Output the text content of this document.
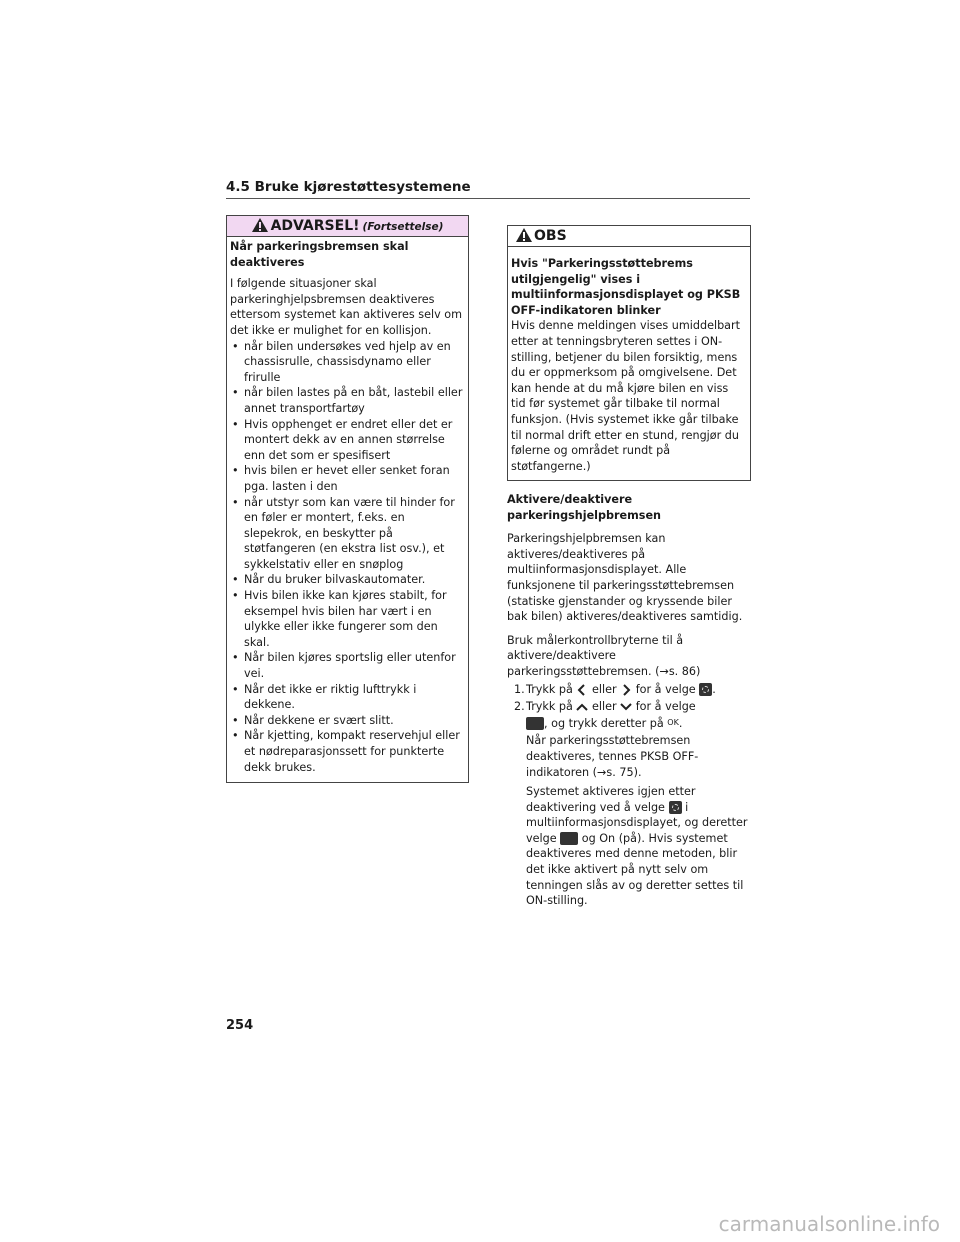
4.5 Bruke kjørestøttesystemene
ADVARSEL! (Fortsettelse)
Når parkeringsbremsen skal deaktiveres
I følgende situasjoner skal parkeringhjelpsbremsen deaktiveres ettersom systemet kan aktiveres selv om det ikke er mulighet for en kollisjon.
• når bilen undersøkes ved hjelp av en chassisrulle, chassisdynamo eller frirulle
• når bilen lastes på en båt, lastebil eller annet transportfartøy
• Hvis opphenget er endret eller det er montert dekk av en annen størrelse enn det som er spesifisert
• hvis bilen er hevet eller senket foran pga. lasten i den
• når utstyr som kan være til hinder for en føler er montert, f.eks. en slepekrok, en beskytter på støtfangeren (en ekstra list osv.), et sykkelstativ eller en snøplog
• Når du bruker bilvaskautomater.
• Hvis bilen ikke kan kjøres stabilt, for eksempel hvis bilen har vært i en ulykke eller ikke fungerer som den skal.
• Når bilen kjøres sportslig eller utenfor vei.
• Når det ikke er riktig lufttrykk i dekkene.
• Når dekkene er svært slitt.
• Når kjetting, kompakt reservehjul eller et nødreparasjonssett for punkterte dekk brukes.
OBS
Hvis "Parkeringsstøttebrems utilgjengelig" vises i multiinformasjonsdisplayet og PKSB OFF-indikatoren blinker
Hvis denne meldingen vises umiddelbart etter at tenningsbryteren settes i ON-stilling, betjener du bilen forsiktig, mens du er oppmerksom på omgivelsene. Det kan hende at du må kjøre bilen en viss tid før systemet går tilbake til normal funksjon. (Hvis systemet ikke går tilbake til normal drift etter en stund, rengjør du følerne og området rundt på støtfangerne.)
Aktivere/deaktivere parkeringshjelpbremsen
Parkeringshjelpbremsen kan aktiveres/deaktiveres på multiinformasjonsdisplayet. Alle funksjonene til parkeringsstøttebremsen (statiske gjenstander og kryssende biler bak bilen) aktiveres/deaktiveres samtidig.
Bruk målerkontrollbryterne til å aktivere/deaktivere parkeringsstøttebremsen. (→s. 86)
1. Trykk på eller for å velge .
2. Trykk på eller for å velge
, og trykk deretter på OK.
Når parkeringsstøttebremsen deaktiveres, tennes PKSB OFF-indikatoren (→s. 75).
Systemet aktiveres igjen etter deaktivering ved å velge i multiinformasjonsdisplayet, og deretter velge og On (på). Hvis systemet deaktiveres med denne metoden, blir det ikke aktivert på nytt selv om tenningen slås av og deretter settes til ON-stilling.
254
carmanualsonline.info
